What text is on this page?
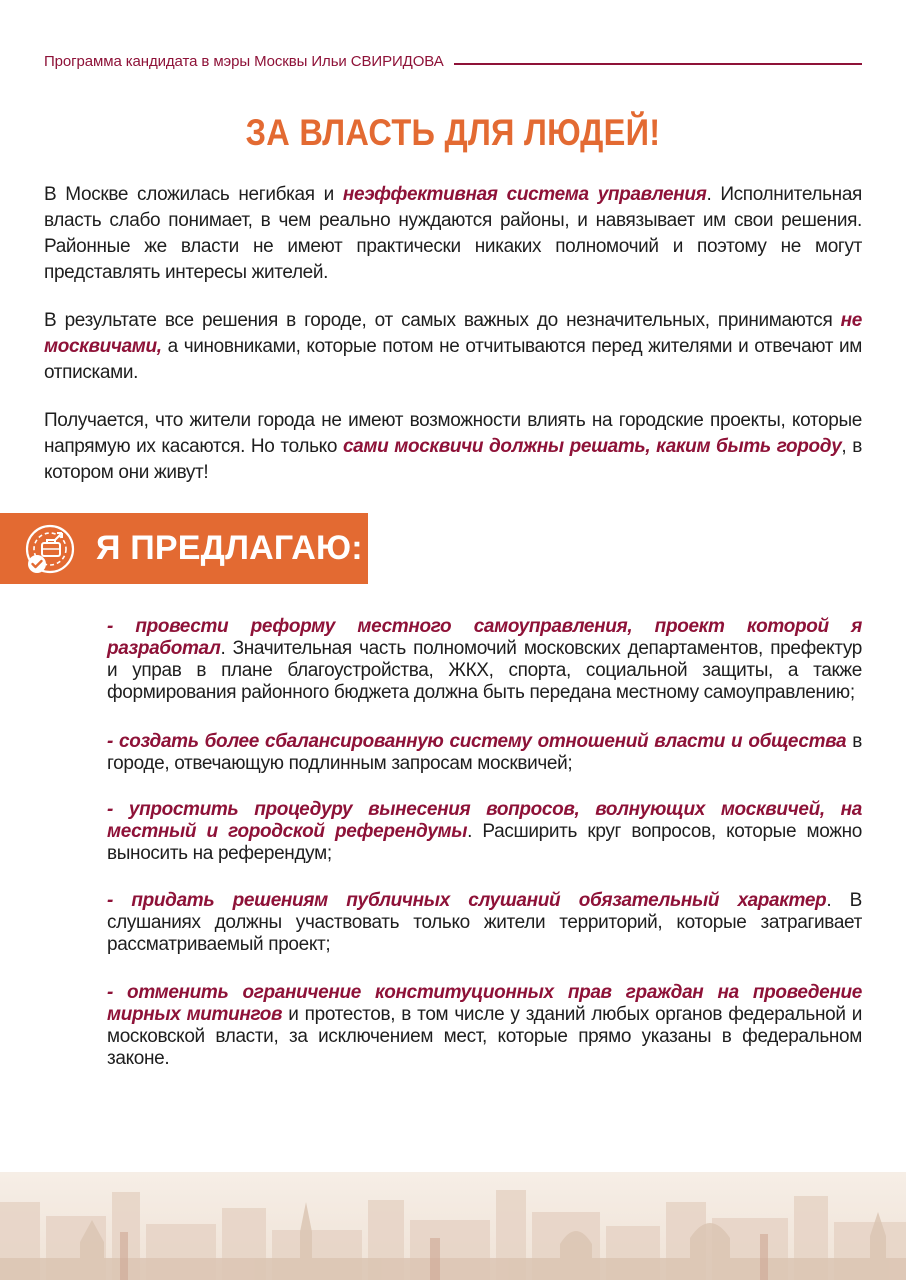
Программа кандидата в мэры Москвы Ильи СВИРИДОВА
ЗА ВЛАСТЬ ДЛЯ ЛЮДЕЙ!

В Москве сложилась негибкая и неэффективная система управления. Исполнительная власть слабо понимает, в чем реально нуждаются районы, и навязывает им свои решения. Районные же власти не имеют практически никаких полномочий и поэтому не могут представлять интересы жителей.

В результате все решения в городе, от самых важных до незначительных, принимаются не москвичами, а чиновниками, которые потом не отчитываются перед жителями и отвечают им отписками.

Получается, что жители города не имеют возможности влиять на городские проекты, которые напрямую их касаются. Но только сами москвичи должны решать, каким быть городу, в котором они живут!

Я ПРЕДЛАГАЮ:

- провести реформу местного самоуправления, проект которой я разработал. Значительная часть полномочий московских департаментов, префектур и управ в плане благоустройства, ЖКХ, спорта, социальной защиты, а также формирования районного бюджета должна быть передана местному самоуправлению;

- создать более сбалансированную систему отношений власти и общества в городе, отвечающую подлинным запросам москвичей;

- упростить процедуру вынесения вопросов, волнующих москвичей, на местный и городской референдумы. Расширить круг вопросов, которые можно выносить на референдум;

- придать решениям публичных слушаний обязательный характер. В слушаниях должны участвовать только жители территорий, которые затрагивает рассматриваемый проект;

- отменить ограничение конституционных прав граждан на проведение мирных митингов и протестов, в том числе у зданий любых органов федеральной и московской власти, за исключением мест, которые прямо указаны в федеральном законе.
